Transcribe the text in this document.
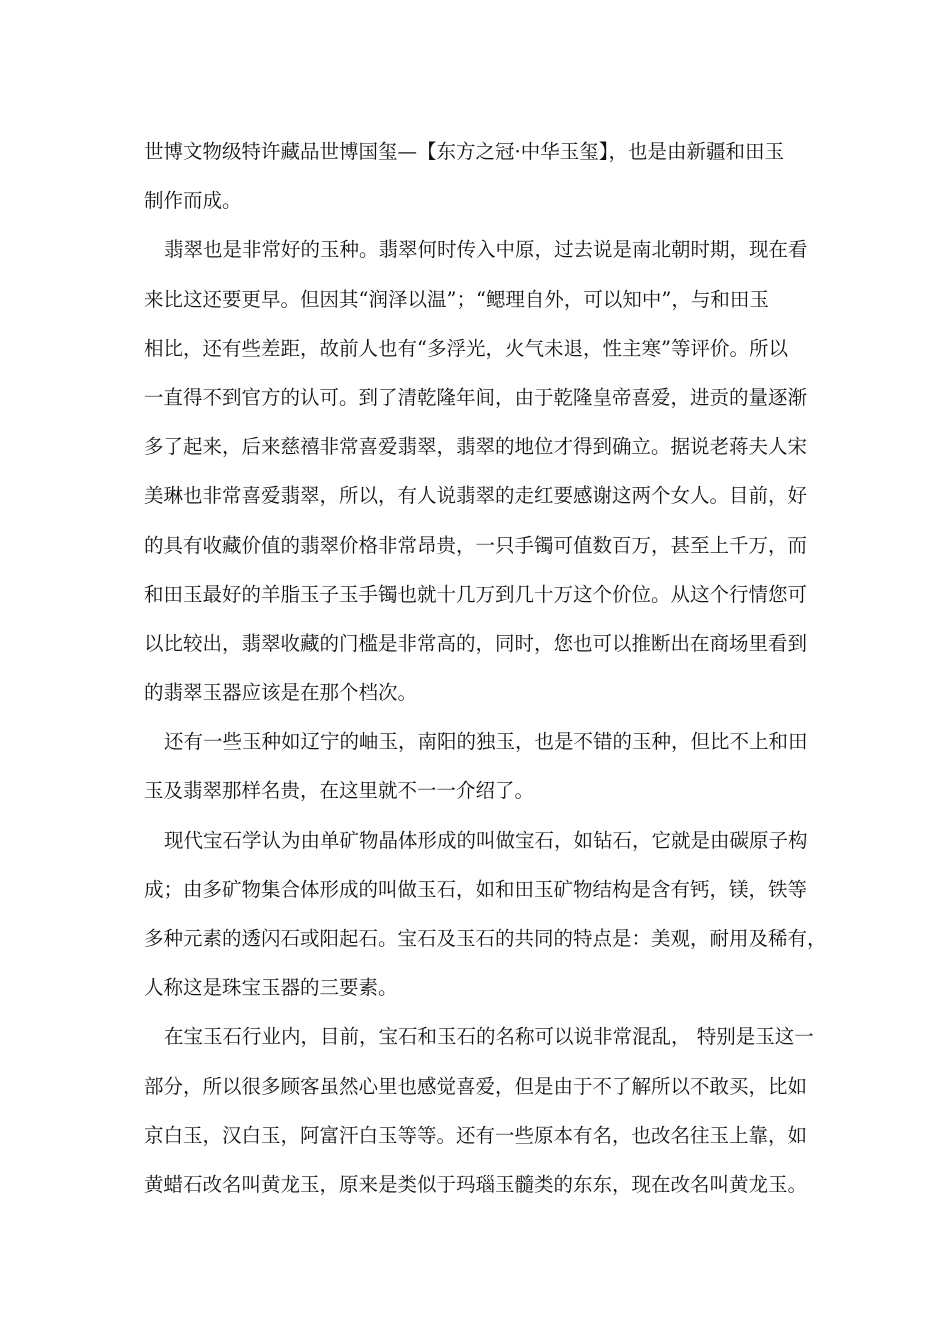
世博文物级特许藏品世博国玺—【东方之冠·中华玉玺】，也是由新疆和田玉
制作而成。
翡翠也是非常好的玉种。翡翠何时传入中原，过去说是南北朝时期，现在看
来比这还要更早。但因其“润泽以温”；“鳃理自外，可以知中”，与和田玉
相比，还有些差距，故前人也有“多浮光，火气未退，性主寒”等评价。所以
一直得不到官方的认可。到了清乾隆年间，由于乾隆皇帝喜爱，进贡的量逐渐
多了起来，后来慈禧非常喜爱翡翠，翡翠的地位才得到确立。据说老蒋夫人宋
美琳也非常喜爱翡翠，所以，有人说翡翠的走红要感谢这两个女人。目前，好
的具有收藏价值的翡翠价格非常昂贵，一只手镯可值数百万，甚至上千万，而
和田玉最好的羊脂玉子玉手镯也就十几万到几十万这个价位。从这个行情您可
以比较出，翡翠收藏的门槛是非常高的，同时，您也可以推断出在商场里看到
的翡翠玉器应该是在那个档次。
还有一些玉种如辽宁的岫玉，南阳的独玉，也是不错的玉种，但比不上和田
玉及翡翠那样名贵，在这里就不一一介绍了。
现代宝石学认为由单矿物晶体形成的叫做宝石，如钻石，它就是由碳原子构
成；由多矿物集合体形成的叫做玉石，如和田玉矿物结构是含有钙，镁，铁等
多种元素的透闪石或阳起石。宝石及玉石的共同的特点是：美观，耐用及稀有，
人称这是珠宝玉器的三要素。
在宝玉石行业内，目前，宝石和玉石的名称可以说非常混乱， 特别是玉这一
部分，所以很多顾客虽然心里也感觉喜爱，但是由于不了解所以不敢买，比如
京白玉，汉白玉，阿富汗白玉等等。还有一些原本有名，也改名往玉上靠，如
黄蜡石改名叫黄龙玉，原来是类似于玛瑙玉髓类的东东，现在改名叫黄龙玉。
